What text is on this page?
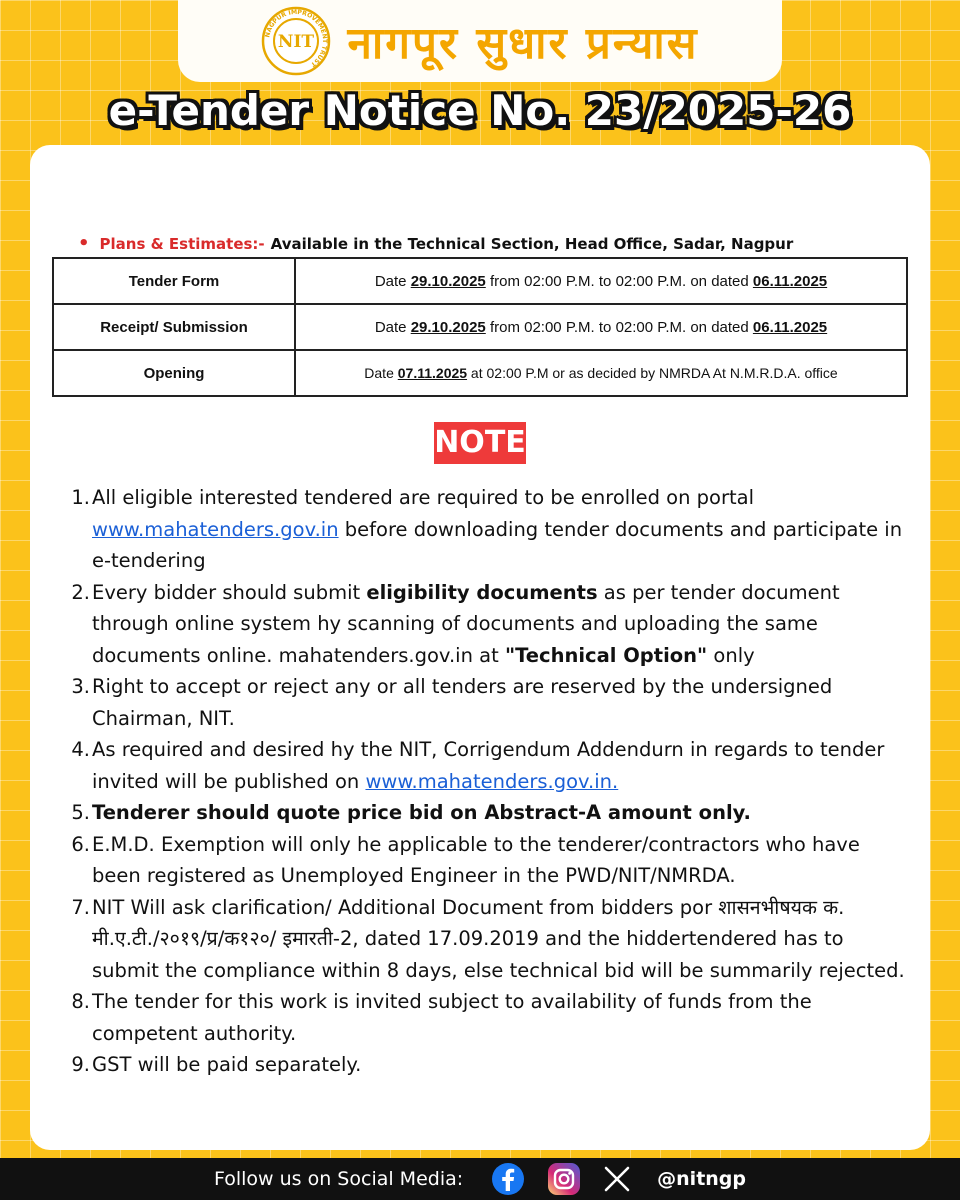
NAGPUR IMPROVEMENT TRUST
NIT नागपूर सुधार प्रन्यास
e-Tender Notice No. 23/2025-26
• Plans & Estimates:- Available in the Technical Section, Head Office, Sadar, Nagpur
Tender Form	Date 29.10.2025 from 02:00 P.M. to 02:00 P.M. on dated 06.11.2025
Receipt/ Submission	Date 29.10.2025 from 02:00 P.M. to 02:00 P.M. on dated 06.11.2025
Opening	Date 07.11.2025 at 02:00 P.M or as decided by NMRDA At N.M.R.D.A. office
NOTE
1. All eligible interested tendered are required to be enrolled on portal www.mahatenders.gov.in before downloading tender documents and participate in e-tendering
2. Every bidder should submit eligibility documents as per tender document through online system hy scanning of documents and uploading the same documents online. mahatenders.gov.in at "Technical Option" only
3. Right to accept or reject any or all tenders are reserved by the undersigned Chairman, NIT.
4. As required and desired hy the NIT, Corrigendum Addendurn in regards to tender invited will be published on www.mahatenders.gov.in.
5. Tenderer should quote price bid on Abstract-A amount only.
6. E.M.D. Exemption will only he applicable to the tenderer/contractors who have been registered as Unemployed Engineer in the PWD/NIT/NMRDA.
7. NIT Will ask clarification/ Additional Document from bidders por शासनभीषयक क. मी.ए.टी./२०१९/प्र/क१२०/ इमारती-2, dated 17.09.2019 and the hiddertendered has to submit the compliance within 8 days, else technical bid will be summarily rejected.
8. The tender for this work is invited subject to availability of funds from the competent authority.
9. GST will be paid separately.
Follow us on Social Media:	@nitngp
